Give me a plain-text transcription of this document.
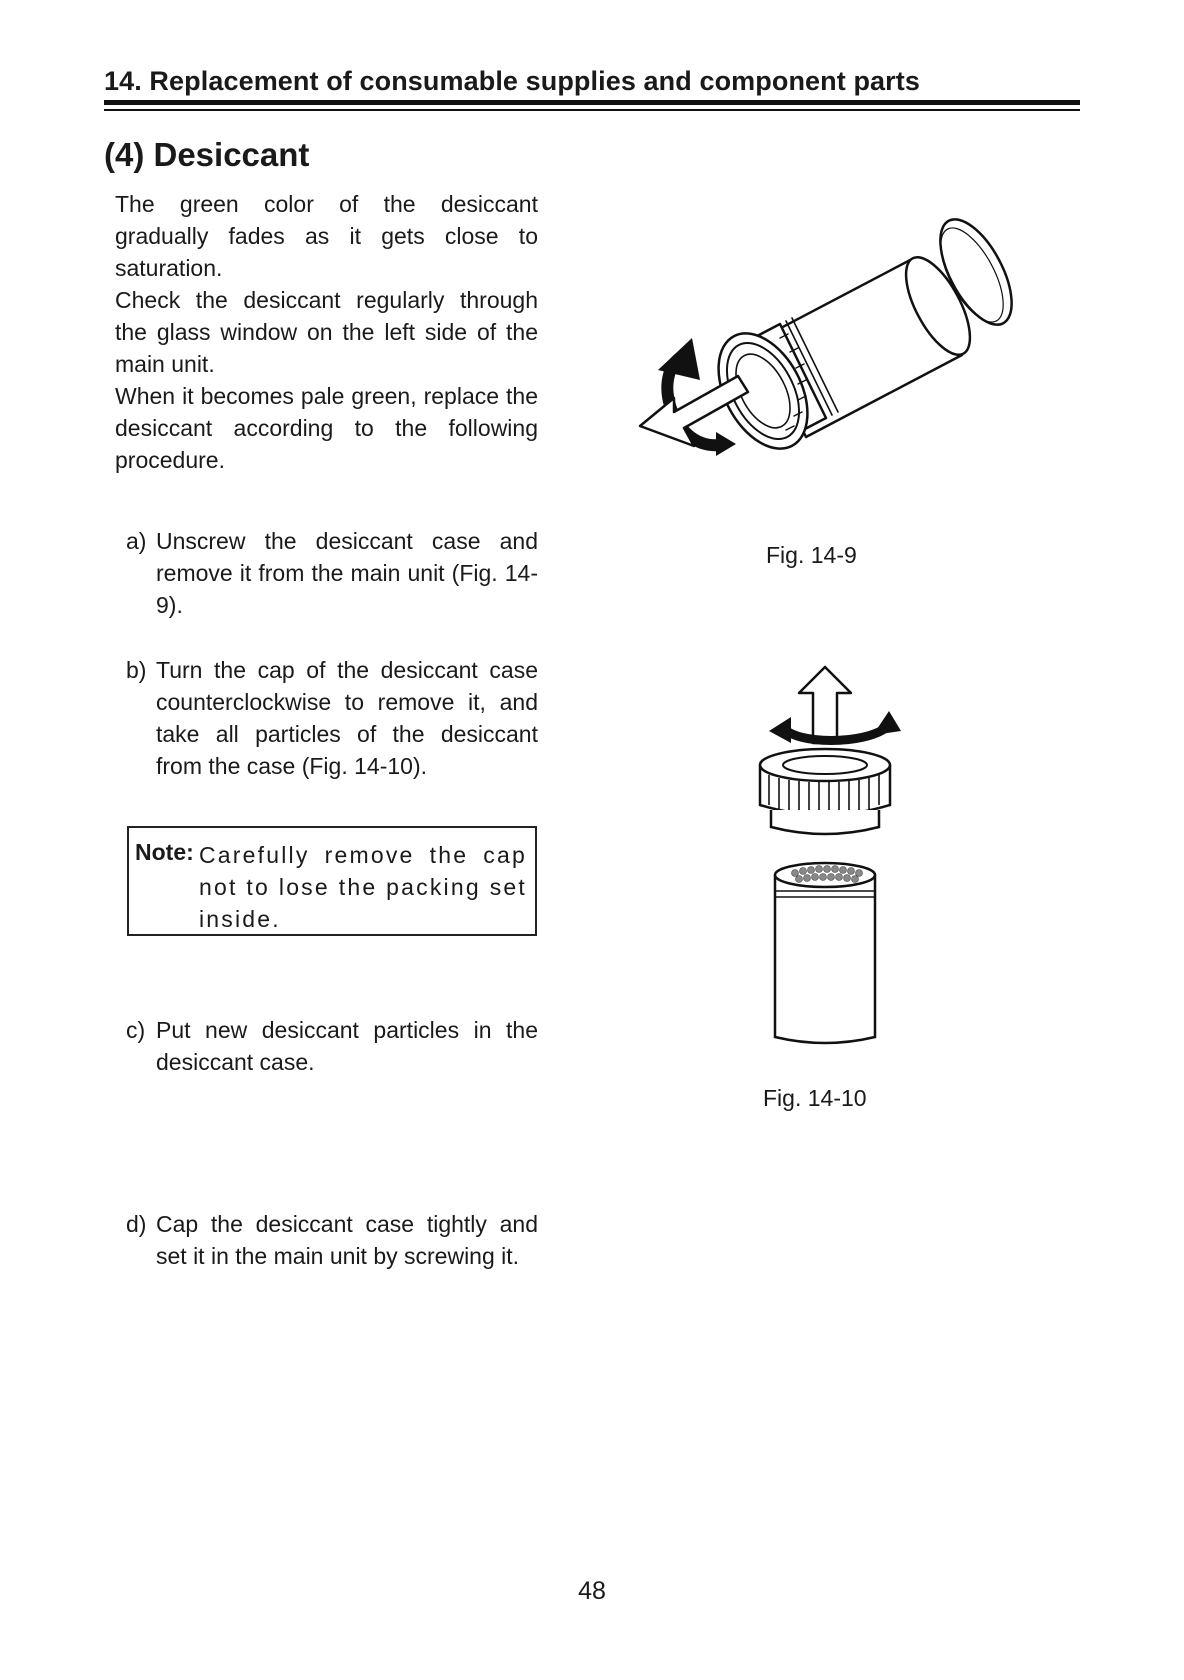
14. Replacement of consumable supplies and component parts
(4) Desiccant

The green color of the desiccant gradually fades as it gets close to saturation.

Check the desiccant regularly through the glass window on the left side of the main unit.

When it becomes pale green, replace the desiccant according to the following procedure.

a) Unscrew the desiccant case and remove it from the main unit (Fig. 14-9).
b) Turn the cap of the desiccant case counterclockwise to remove it, and take all particles of the desiccant from the case (Fig. 14-10).
Note: Carefully remove the cap not to lose the packing set inside.
c) Put new desiccant particles in the desiccant case.
d) Cap the desiccant case tightly and set it in the main unit by screwing it.
Fig. 14-9
Fig. 14-10
48
